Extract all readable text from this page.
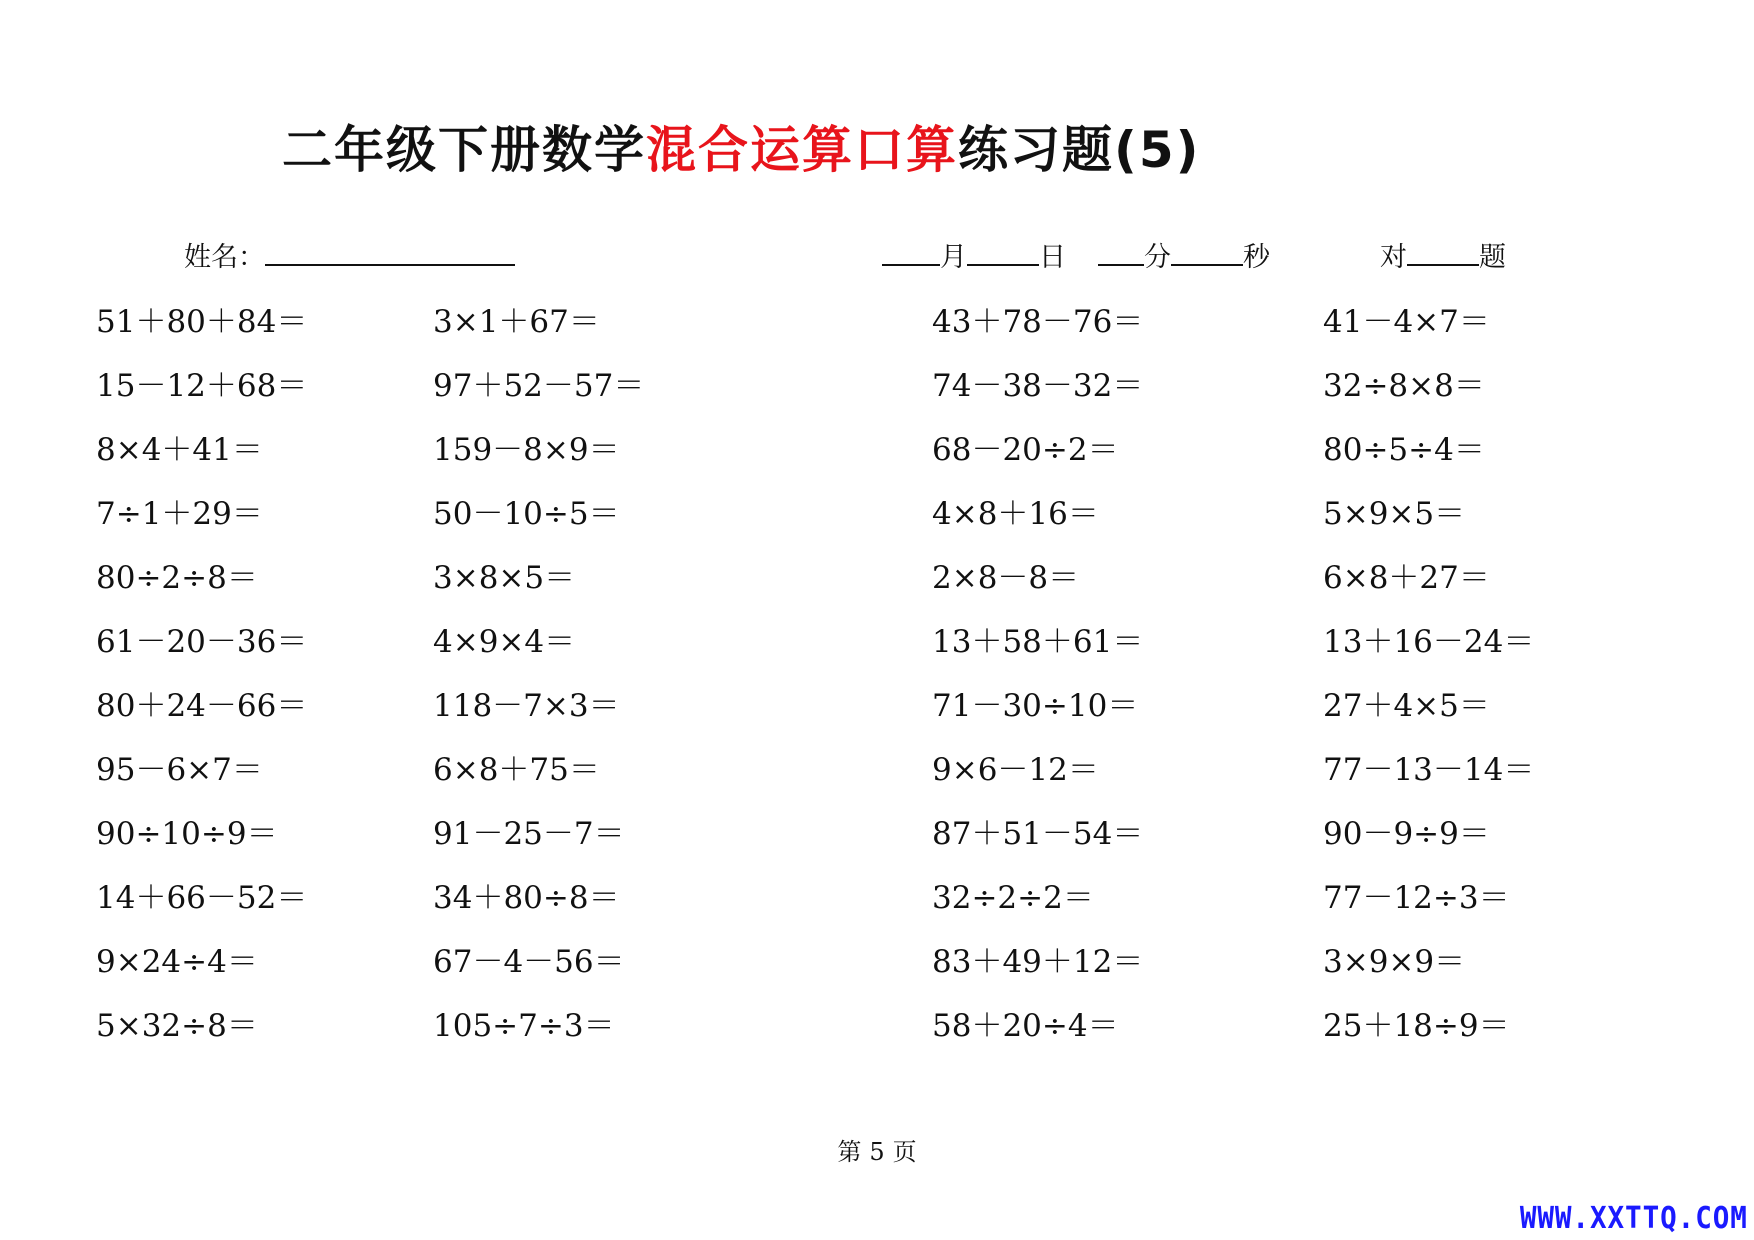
二年级下册数学混合运算口算练习题(5)
姓名：	月	日	分	秒	对	题
51＋80＋84＝	3×1＋67＝	43＋78－76＝	41－4×7＝
15－12＋68＝	97＋52－57＝	74－38－32＝	32÷8×8＝
8×4＋41＝	159－8×9＝	68－20÷2＝	80÷5÷4＝
7÷1＋29＝	50－10÷5＝	4×8＋16＝	5×9×5＝
80÷2÷8＝	3×8×5＝	2×8－8＝	6×8＋27＝
61－20－36＝	4×9×4＝	13＋58＋61＝	13＋16－24＝
80＋24－66＝	118－7×3＝	71－30÷10＝	27＋4×5＝
95－6×7＝	6×8＋75＝	9×6－12＝	77－13－14＝
90÷10÷9＝	91－25－7＝	87＋51－54＝	90－9÷9＝
14＋66－52＝	34＋80÷8＝	32÷2÷2＝	77－12÷3＝
9×24÷4＝	67－4－56＝	83＋49＋12＝	3×9×9＝
5×32÷8＝	105÷7÷3＝	58＋20÷4＝	25＋18÷9＝
第 5 页
WWW.XXTTQ.COM
